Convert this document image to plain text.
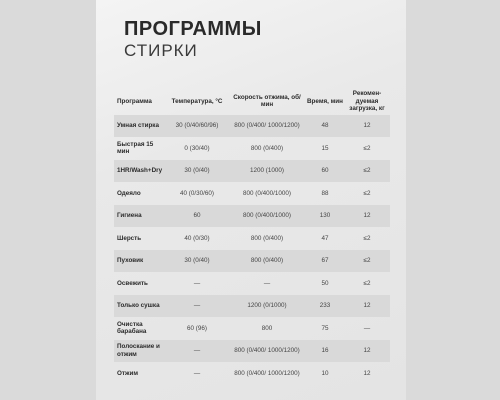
ПРОГРАММЫ
СТИРКИ
Программа	Температура, °С	Скорость отжима, об/мин	Время, мин	Рекомен- дуемая загрузка, кг
Умная стирка	30 (0/40/60/96)	800 (0/400/ 1000/1200)	48	12
Быстрая 15 мин	0 (30/40)	800 (0/400)	15	≤2
1HR/Wash+Dry	30 (0/40)	1200 (1000)	60	≤2
Одеяло	40 (0/30/60)	800 (0/400/1000)	88	≤2
Гигиена	60	800 (0/400/1000)	130	12
Шерсть	40 (0/30)	800 (0/400)	47	≤2
Пуховик	30 (0/40)	800 (0/400)	67	≤2
Освежить	—	—	50	≤2
Только сушка	—	1200 (0/1000)	233	12
Очистка барабана	60 (96)	800	75	—
Полоскание и отжим	—	800 (0/400/ 1000/1200)	16	12
Отжим	—	800 (0/400/ 1000/1200)	10	12
